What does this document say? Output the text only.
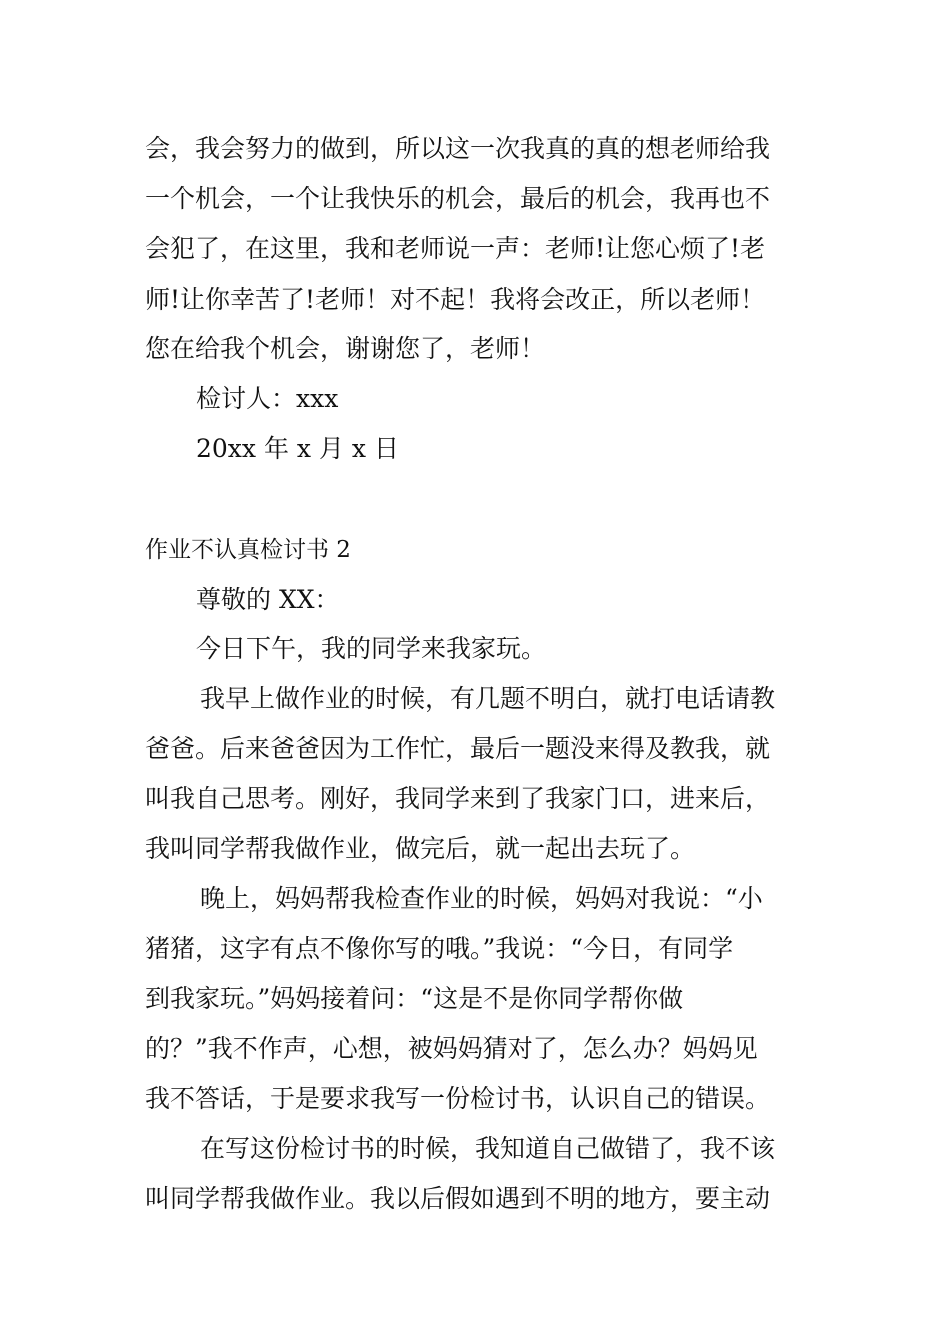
会，我会努力的做到，所以这一次我真的真的想老师给我
一个机会，一个让我快乐的机会，最后的机会，我再也不
会犯了，在这里，我和老师说一声：老师!让您心烦了!老
师!让你幸苦了!老师！对不起！我将会改正，所以老师！
您在给我个机会，谢谢您了，老师！
检讨人：xxx
20xx 年 x 月 x 日
作业不认真检讨书 2
尊敬的 XX：
今日下午，我的同学来我家玩。
我早上做作业的时候，有几题不明白，就打电话请教
爸爸。后来爸爸因为工作忙，最后一题没来得及教我，就
叫我自己思考。刚好，我同学来到了我家门口，进来后，
我叫同学帮我做作业，做完后，就一起出去玩了。
晚上，妈妈帮我检查作业的时候，妈妈对我说：“小
猪猪，这字有点不像你写的哦。”我说：“今日，有同学
到我家玩。”妈妈接着问：“这是不是你同学帮你做
的？”我不作声，心想，被妈妈猜对了，怎么办？妈妈见
我不答话，于是要求我写一份检讨书，认识自己的错误。
在写这份检讨书的时候，我知道自己做错了，我不该
叫同学帮我做作业。我以后假如遇到不明的地方，要主动
